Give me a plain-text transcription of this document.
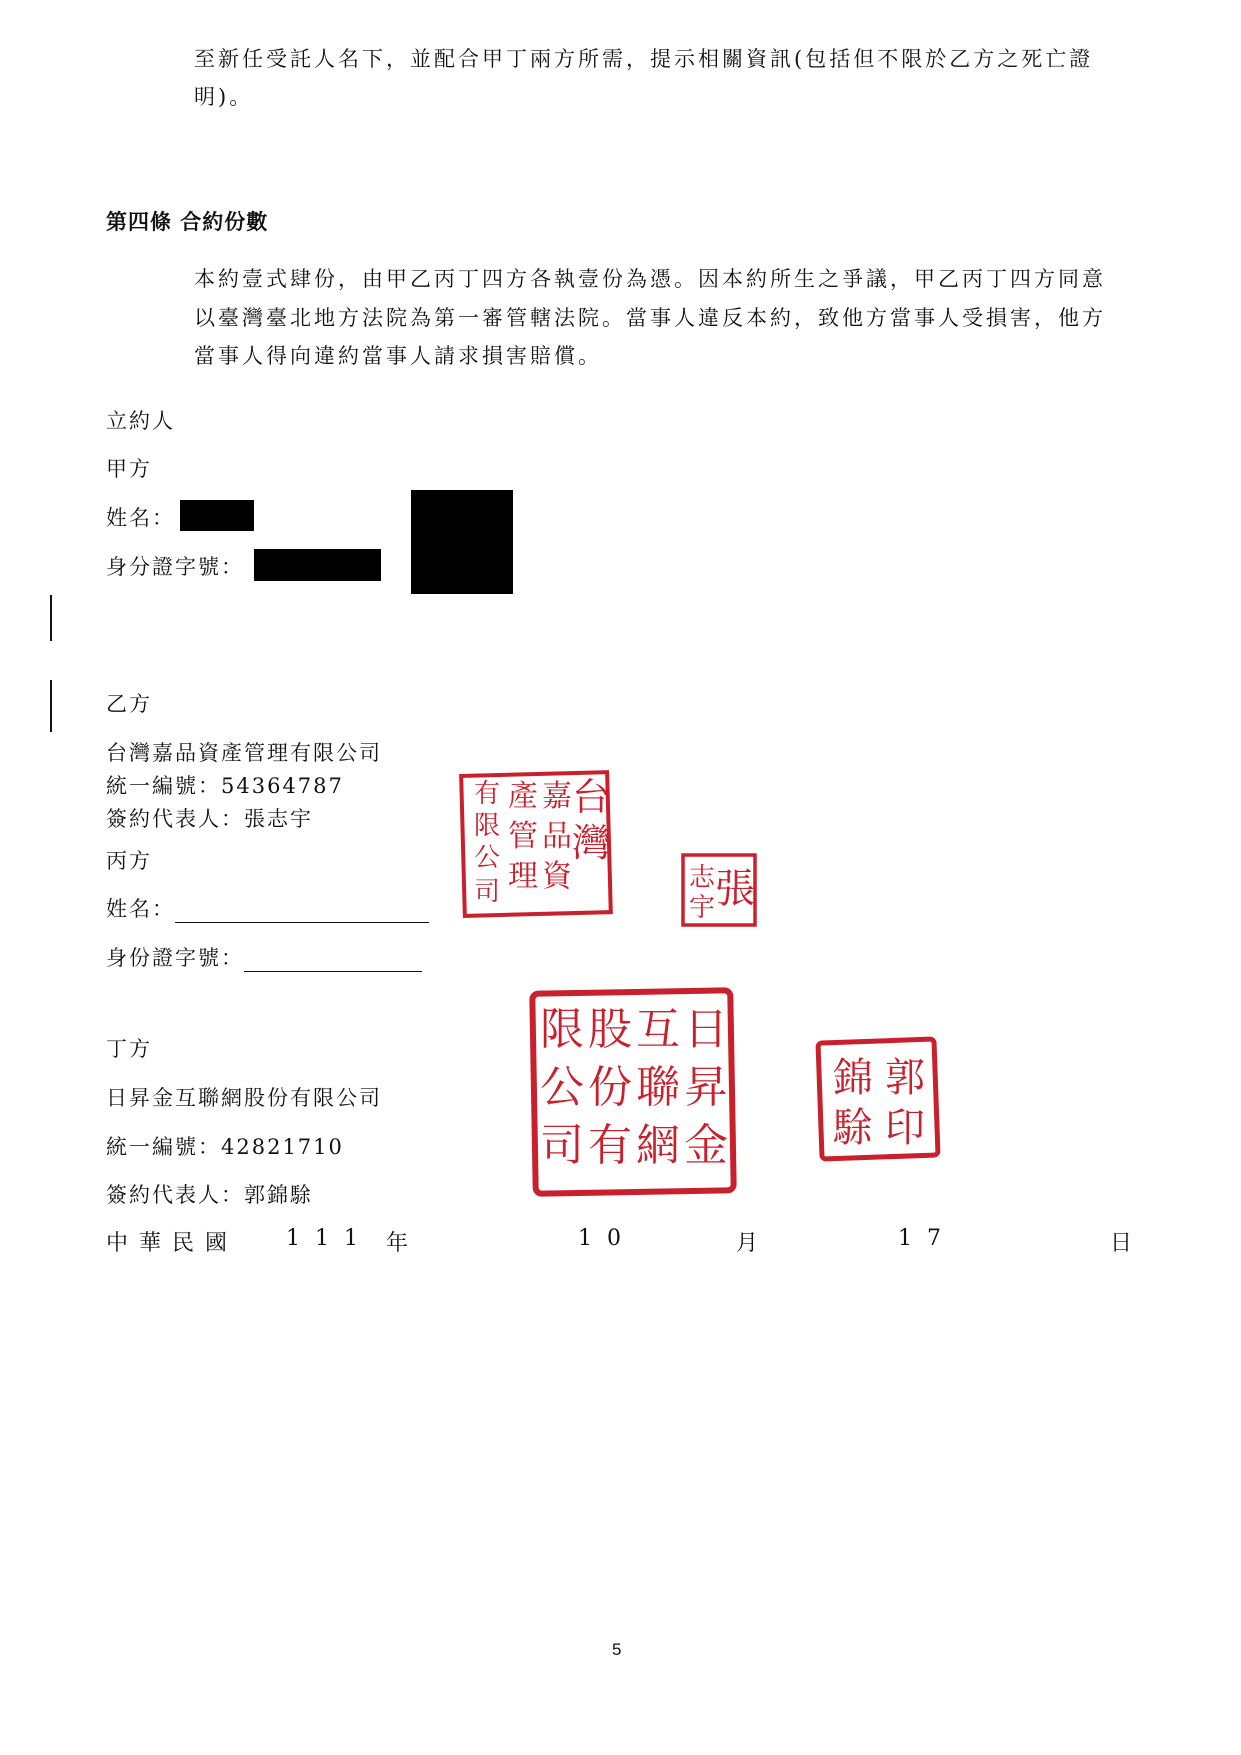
至新任受託人名下，並配合甲丁兩方所需，提示相關資訊(包括但不限於乙方之死亡證
明)。
第四條 合約份數
本約壹式肆份，由甲乙丙丁四方各執壹份為憑。因本約所生之爭議，甲乙丙丁四方同意
以臺灣臺北地方法院為第一審管轄法院。當事人違反本約，致他方當事人受損害，他方
當事人得向違約當事人請求損害賠償。
立約人
甲方
姓名：
身分證字號：
乙方
台灣嘉品資產管理有限公司
統一編號：54364787
簽約代表人：張志宇	台
灣
嘉
品
資
產
管
理
有
限
公
司	張
志
宇
丙方
姓名：
身份證字號：
丁方
日昇金互聯網股份有限公司
統一編號：42821710
簽約代表人：郭錦駼
日
昇
金
互
聯
網
股
份
有
限
公
司
郭
印
錦
駼
中 華 民 國	1 1 1 年	1 0	月	1 7	日
5
